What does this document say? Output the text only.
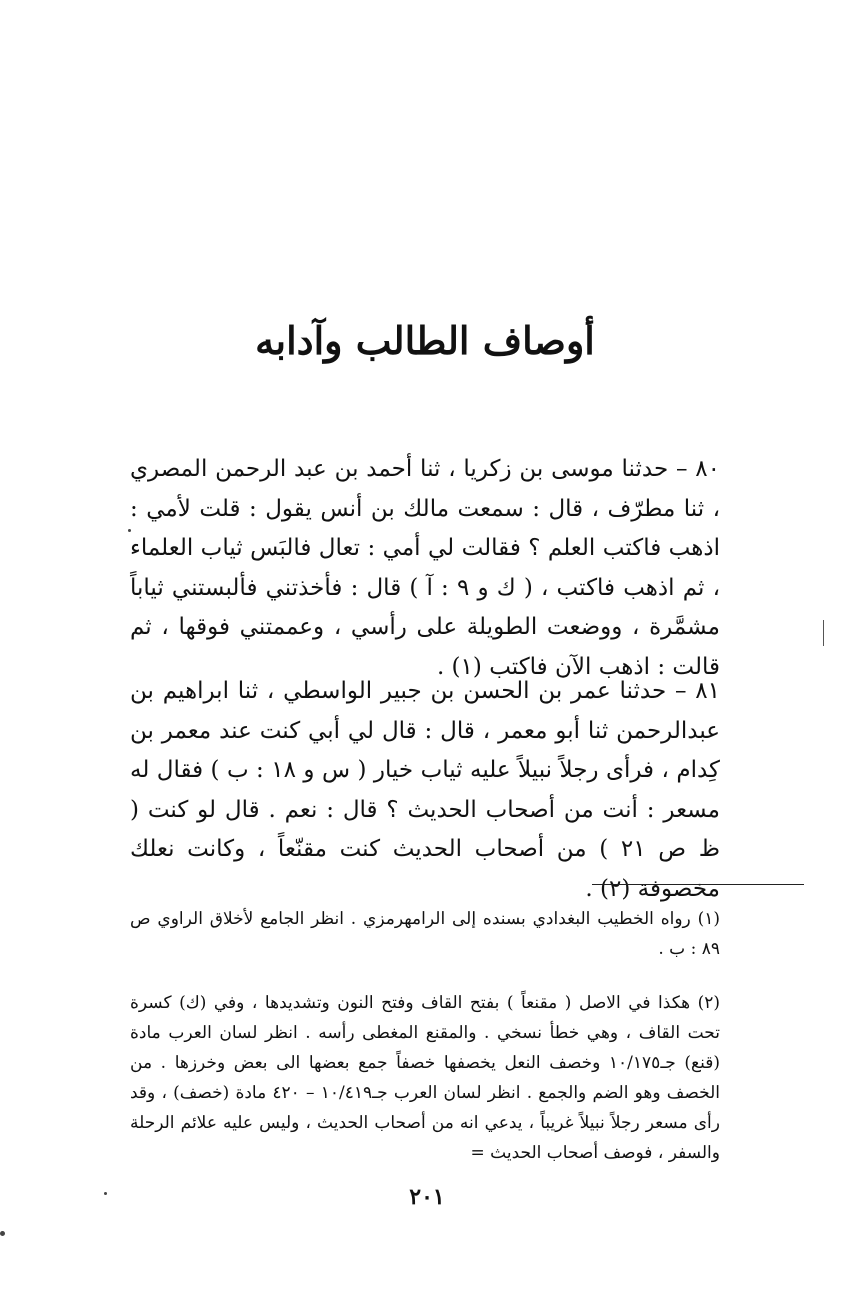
أوصاف الطالب وآدابه

٨٠ – حدثنا موسى بن زكريا ، ثنا أحمد بن عبد الرحمن المصري ، ثنا مطرّف ، قال : سمعت مالك بن أنس يقول : قلت لأمي : اذهب فاكتب العلم ؟ فقالت لي أمي : تعال فالبَس ثياب العلماء ، ثم اذهب فاكتب ، ( ك و ٩ : آ ) قال : فأخذتني فألبستني ثياباً مشمَّرة ، ووضعت الطويلة على رأسي ، وعممتني فوقها ، ثم قالت : اذهب الآن فاكتب (١) .

٨١ – حدثنا عمر بن الحسن بن جبير الواسطي ، ثنا ابراهيم بن عبدالرحمن ثنا أبو معمر ، قال : قال لي أبي كنت عند معمر بن كِدام ، فرأى رجلاً نبيلاً عليه ثياب خيار ( س و ١٨ : ب ) فقال له مسعر : أنت من أصحاب الحديث ؟ قال : نعم . قال لو كنت ( ظ ص ٢١ ) من أصحاب الحديث كنت مقنّعاً ، وكانت نعلك مخصوفة (٢) .

(١) رواه الخطيب البغدادي بسنده إلى الرامهرمزي . انظر الجامع لأخلاق الراوي ص ٨٩ : ب .

(٢) هكذا في الاصل ( مقنعاً ) بفتح القاف وفتح النون وتشديدها ، وفي (ك) كسرة تحت القاف ، وهي خطأ نسخي . والمقنع المغطى رأسه . انظر لسان العرب مادة (قنع) جـ١٠/١٧٥ وخصف النعل يخصفها خصفاً جمع بعضها الى بعض وخرزها . من الخصف وهو الضم والجمع . انظر لسان العرب جـ١٠/٤١٩ – ٤٢٠ مادة (خصف) ، وقد رأى مسعر رجلاً نبيلاً غريباً ، يدعي انه من أصحاب الحديث ، وليس عليه علائم الرحلة والسفر ، فوصف أصحاب الحديث =

٢٠١
